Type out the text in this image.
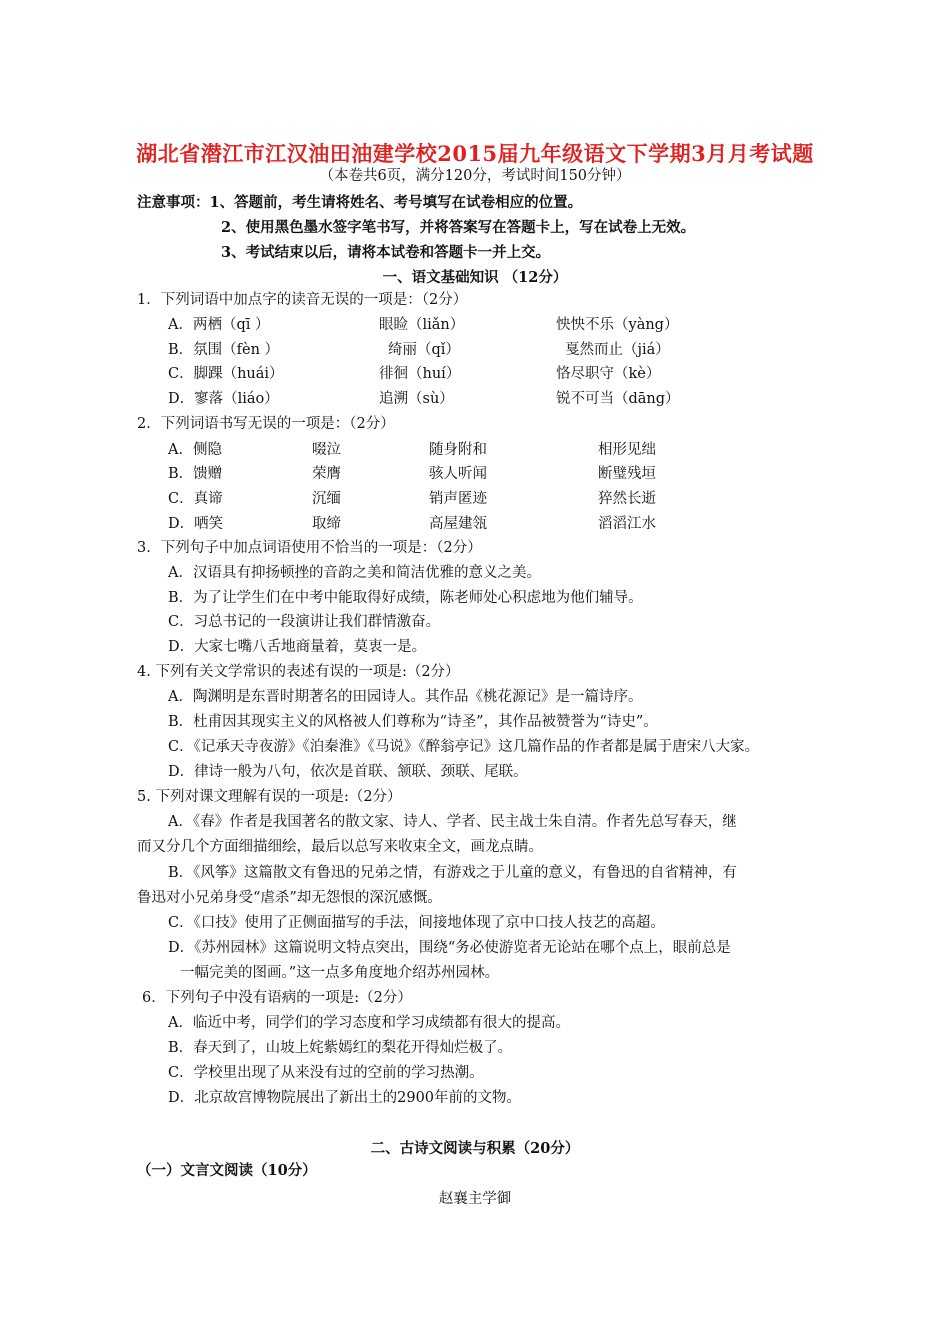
湖北省潜江市江汉油田油建学校2015届九年级语文下学期3月月考试题
（本卷共6页，满分120分，考试时间150分钟）
注意事项：1、答题前，考生请将姓名、考号填写在试卷相应的位置。
2、使用黑色墨水签字笔书写，并将答案写在答题卡上，写在试卷上无效。
3、考试结束以后，请将本试卷和答题卡一并上交。
一、语文基础知识 （12分）
1．下列词语中加点字的读音无误的一项是：（2分）
A．两栖（qī ）	眼睑（liǎn）	怏怏不乐（yàng）
B．氛围（fèn ）	绮丽（qǐ）	戛然而止（jiá）
C．脚踝（huái）	徘徊（huí）	恪尽职守（kè）
D．寥落（liáo）	追溯（sù）	锐不可当（dāng）
2．下列词语书写无误的一项是：（2分）
A．侧隐	啜泣	随身附和	相形见绌
B．馈赠	荣膺	骇人听闻	断璧残垣
C．真谛	沉缅	销声匿迹	猝然长逝
D．哂笑	取缔	高屋建瓴	滔滔江水
3．下列句子中加点词语使用不恰当的一项是：（2分）
A．汉语具有抑扬顿挫的音韵之美和简洁优雅的意义之美。
B．为了让学生们在中考中能取得好成绩，陈老师处心积虑地为他们辅导。
C．习总书记的一段演讲让我们群情激奋。
D．大家七嘴八舌地商量着，莫衷一是。
4. 下列有关文学常识的表述有误的一项是:（2分）
A．陶渊明是东晋时期著名的田园诗人。其作品《桃花源记》是一篇诗序。
B．杜甫因其现实主义的风格被人们尊称为“诗圣”，其作品被赞誉为“诗史”。
C．《记承天寺夜游》《泊秦淮》《马说》《醉翁亭记》这几篇作品的作者都是属于唐宋八大家。
D．律诗一般为八句，依次是首联、颔联、颈联、尾联。
5. 下列对课文理解有误的一项是:（2分）
A．《春》作者是我国著名的散文家、诗人、学者、民主战士朱自清。作者先总写春天，继
而又分几个方面细描细绘，最后以总写来收束全文，画龙点睛。
B．《风筝》这篇散文有鲁迅的兄弟之情，有游戏之于儿童的意义，有鲁迅的自省精神，有
鲁迅对小兄弟身受“虐杀”却无怨恨的深沉感慨。
C．《口技》使用了正侧面描写的手法，间接地体现了京中口技人技艺的高超。
D．《苏州园林》这篇说明文特点突出，围绕“务必使游览者无论站在哪个点上，眼前总是
一幅完美的图画。”这一点多角度地介绍苏州园林。
6．下列句子中没有语病的一项是:（2分）
A．临近中考，同学们的学习态度和学习成绩都有很大的提高。
B．春天到了，山坡上姹紫嫣红的梨花开得灿烂极了。
C．学校里出现了从来没有过的空前的学习热潮。
D．北京故宫博物院展出了新出土的2900年前的文物。
二、古诗文阅读与积累（20分）
（一）文言文阅读（10分）
赵襄主学御
